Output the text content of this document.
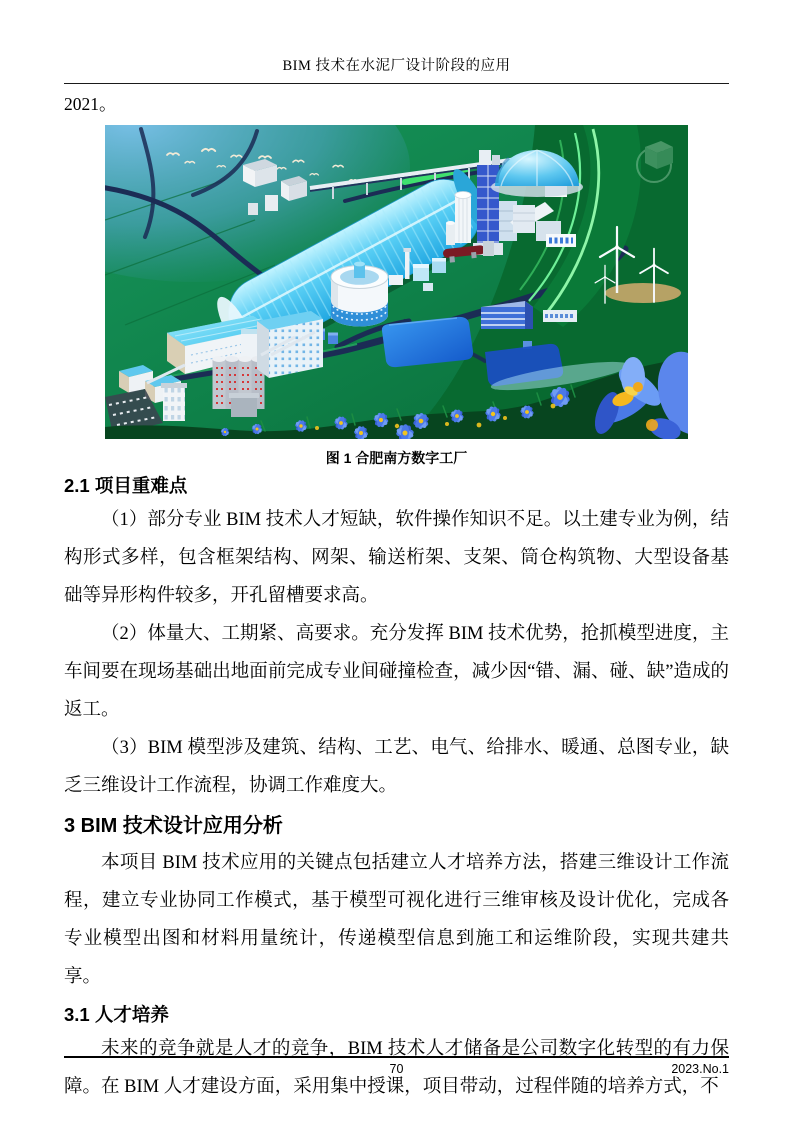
BIM 技术在水泥厂设计阶段的应用

2021。

图 1 合肥南方数字工厂
2.1 项目重难点

（1）部分专业 BIM 技术人才短缺，软件操作知识不足。以土建专业为例，结构形式多样，包含框架结构、网架、输送桁架、支架、筒仓构筑物、大型设备基础等异形构件较多，开孔留槽要求高。

（2）体量大、工期紧、高要求。充分发挥 BIM 技术优势，抢抓模型进度，主车间要在现场基础出地面前完成专业间碰撞检查，减少因“错、漏、碰、缺”造成的返工。

（3）BIM 模型涉及建筑、结构、工艺、电气、给排水、暖通、总图专业，缺乏三维设计工作流程，协调工作难度大。

3 BIM 技术设计应用分析

本项目 BIM 技术应用的关键点包括建立人才培养方法，搭建三维设计工作流程，建立专业协同工作模式，基于模型可视化进行三维审核及设计优化，完成各专业模型出图和材料用量统计，传递模型信息到施工和运维阶段，实现共建共享。

3.1 人才培养

未来的竞争就是人才的竞争，BIM 技术人才储备是公司数字化转型的有力保障。在 BIM 人才建设方面，采用集中授课，项目带动，过程伴随的培养方式，不

70	2023.No.1
